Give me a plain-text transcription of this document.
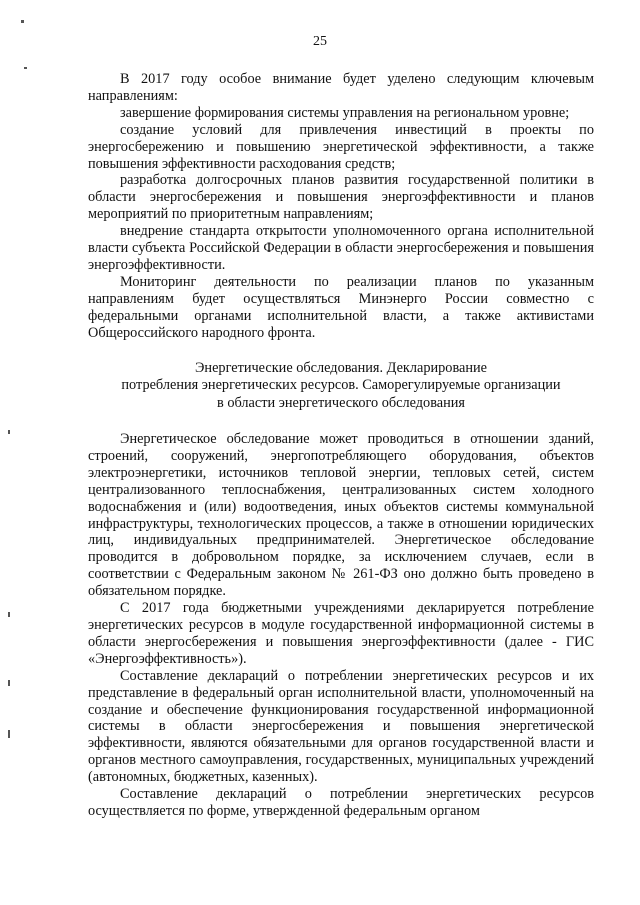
25

В 2017 году особое внимание будет уделено следующим ключевым направлениям:

завершение формирования системы управления на региональном уровне;

создание условий для привлечения инвестиций в проекты по энергосбережению и повышению энергетической эффективности, а также повышения эффективности расходования средств;

разработка долгосрочных планов развития государственной политики в области энергосбережения и повышения энергоэффективности и планов мероприятий по приоритетным направлениям;

внедрение стандарта открытости уполномоченного органа исполнительной власти субъекта Российской Федерации в области энергосбережения и повышения энергоэффективности.

Мониторинг деятельности по реализации планов по указанным направлениям будет осуществляться Минэнерго России совместно с федеральными органами исполнительной власти, а также активистами Общероссийского народного фронта.

Энергетические обследования. Декларирование
потребления энергетических ресурсов. Саморегулируемые организации
в области энергетического обследования

Энергетическое обследование может проводиться в отношении зданий, строений, сооружений, энергопотребляющего оборудования, объектов электроэнергетики, источников тепловой энергии, тепловых сетей, систем централизованного теплоснабжения, централизованных систем холодного водоснабжения и (или) водоотведения, иных объектов системы коммунальной инфраструктуры, технологических процессов, а также в отношении юридических лиц, индивидуальных предпринимателей. Энергетическое обследование проводится в добровольном порядке, за исключением случаев, если в соответствии с Федеральным законом № 261-ФЗ оно должно быть проведено в обязательном порядке.

С 2017 года бюджетными учреждениями декларируется потребление энергетических ресурсов в модуле государственной информационной системы в области энергосбережения и повышения энергоэффективности (далее - ГИС «Энергоэффективность»).

Составление деклараций о потреблении энергетических ресурсов и их представление в федеральный орган исполнительной власти, уполномоченный на создание и обеспечение функционирования государственной информационной системы в области энергосбережения и повышения энергетической эффективности, являются обязательными для органов государственной власти и органов местного самоуправления, государственных, муниципальных учреждений (автономных, бюджетных, казенных).

Составление деклараций о потреблении энергетических ресурсов осуществляется по форме, утвержденной федеральным органом
